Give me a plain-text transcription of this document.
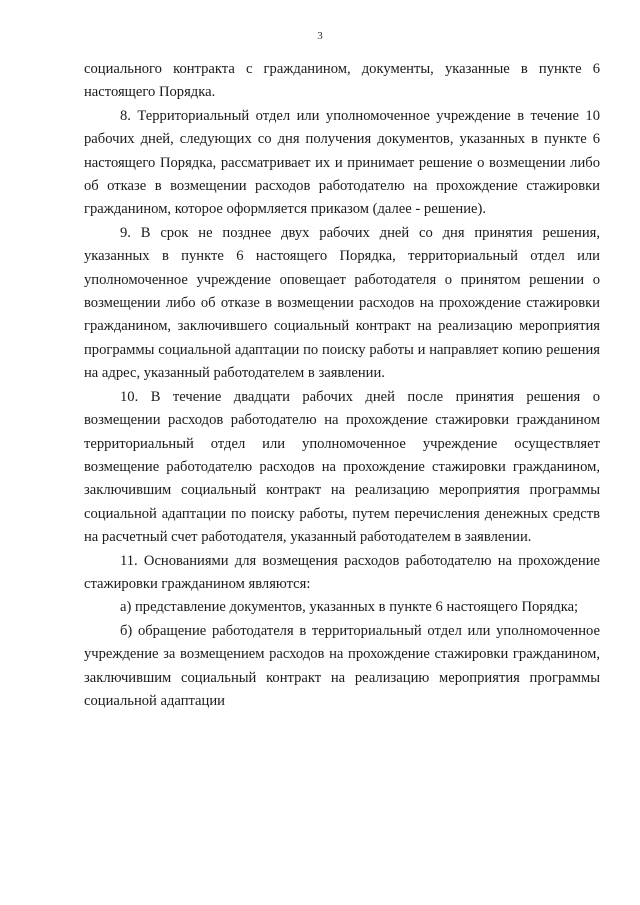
3

социального контракта с гражданином, документы, указанные в пункте 6 настоящего Порядка.

8. Территориальный отдел или уполномоченное учреждение в течение 10 рабочих дней, следующих со дня получения документов, указанных в пункте 6 настоящего Порядка, рассматривает их и принимает решение о возмещении либо об отказе в возмещении расходов работодателю на прохождение стажировки гражданином, которое оформляется приказом (далее - решение).

9. В срок не позднее двух рабочих дней со дня принятия решения, указанных в пункте 6 настоящего Порядка, территориальный отдел или уполномоченное учреждение оповещает работодателя о принятом решении о возмещении либо об отказе в возмещении расходов на прохождение стажировки гражданином, заключившего социальный контракт на реализацию мероприятия программы социальной адаптации по поиску работы и направляет копию решения на адрес, указанный работодателем в заявлении.

10. В течение двадцати рабочих дней после принятия решения о возмещении расходов работодателю на прохождение стажировки гражданином территориальный отдел или уполномоченное учреждение осуществляет возмещение работодателю расходов на прохождение стажировки гражданином, заключившим социальный контракт на реализацию мероприятия программы социальной адаптации по поиску работы, путем перечисления денежных средств на расчетный счет работодателя, указанный работодателем в заявлении.

11. Основаниями для возмещения расходов работодателю на прохождение стажировки гражданином являются:

а) представление документов, указанных в пункте 6 настоящего Порядка;

б) обращение работодателя в территориальный отдел или уполномоченное учреждение за возмещением расходов на прохождение стажировки гражданином, заключившим социальный контракт на реализацию мероприятия программы социальной адаптации
